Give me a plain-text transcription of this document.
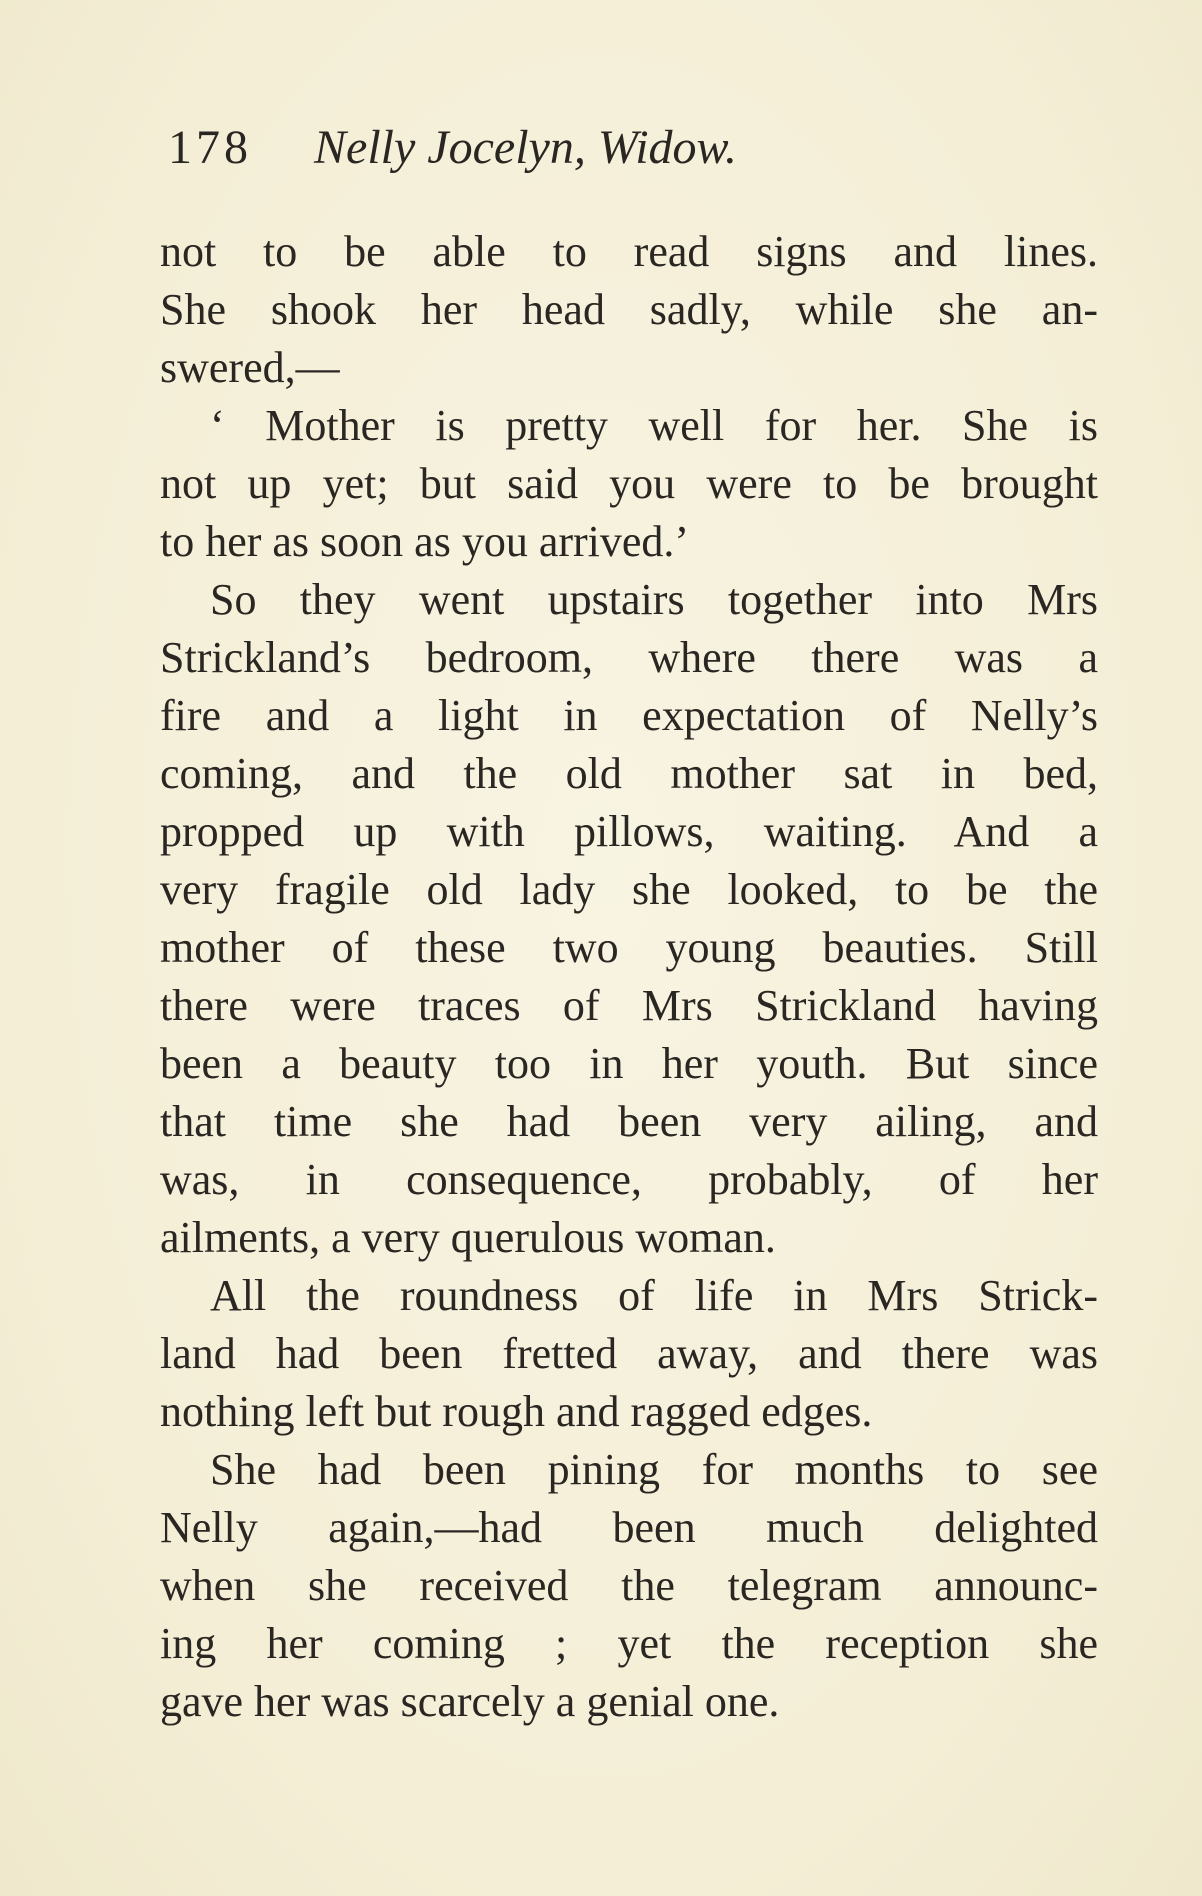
178 Nelly Jocelyn, Widow.
not to be able to read signs and lines.
She shook her head sadly, while she an-
swered,—
‘ Mother is pretty well for her. She is
not up yet; but said you were to be brought
to her as soon as you arrived.’
So they went upstairs together into Mrs
Strickland’s bedroom, where there was a
fire and a light in expectation of Nelly’s
coming, and the old mother sat in bed,
propped up with pillows, waiting. And a
very fragile old lady she looked, to be the
mother of these two young beauties. Still
there were traces of Mrs Strickland having
been a beauty too in her youth. But since
that time she had been very ailing, and
was, in consequence, probably, of her
ailments, a very querulous woman.
All the roundness of life in Mrs Strick-
land had been fretted away, and there was
nothing left but rough and ragged edges.
She had been pining for months to see
Nelly again,—had been much delighted
when she received the telegram announc-
ing her coming ; yet the reception she
gave her was scarcely a genial one.
